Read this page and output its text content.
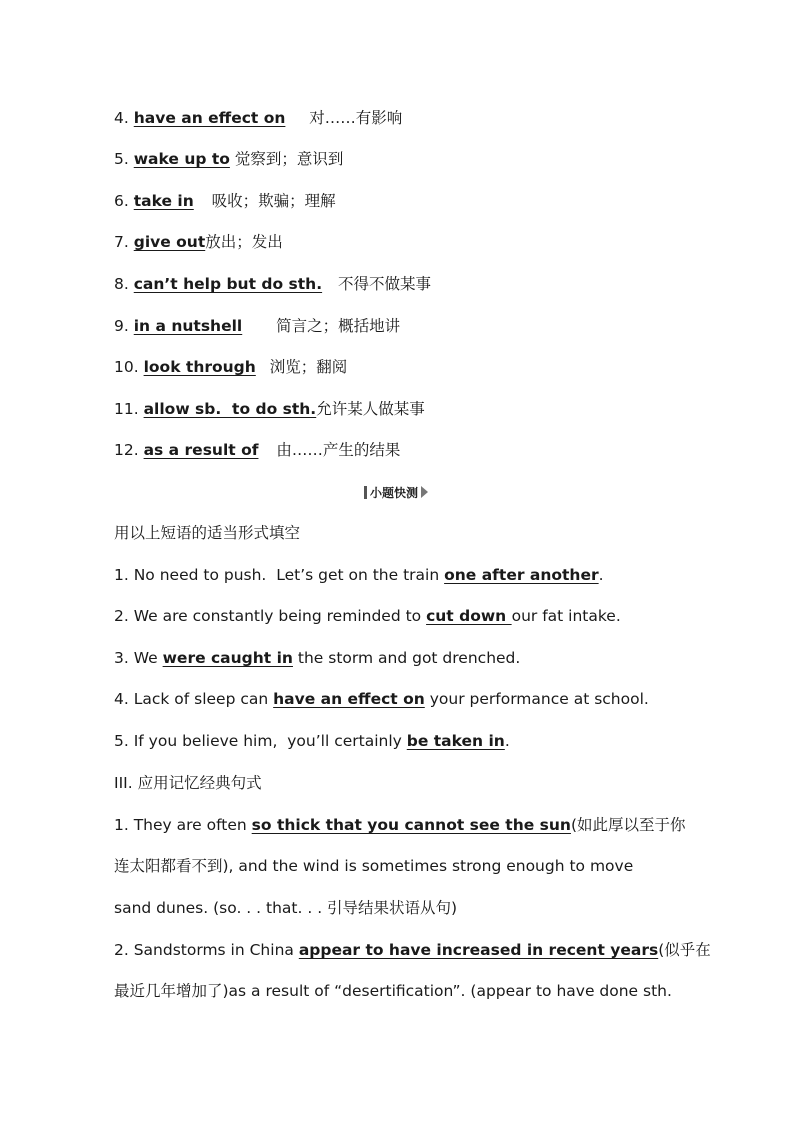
4. have an effect on 对……有影响
5. wake up to 觉察到；意识到
6. take in 吸收；欺骗；理解
7. give out放出；发出
8. can’t help but do sth. 不得不做某事
9. in a nutshell 简言之；概括地讲
10. look through 浏览；翻阅
11. allow sb.  to do sth.允许某人做某事
12. as a result of 由……产生的结果
小题快测
用以上短语的适当形式填空
1. No need to push.  Let’s get on the train one after another.
2. We are constantly being reminded to cut down our fat intake.
3. We were caught in the storm and got drenched.
4. Lack of sleep can have an effect on your performance at school.
5. If you believe him,  you’ll certainly be taken in.
III. 应用记忆经典句式
1. They are often so thick that you cannot see the sun(如此厚以至于你
连太阳都看不到), and the wind is sometimes strong enough to move
sand dunes. (so. . . that. . . 引导结果状语从句)
2. Sandstorms in China appear to have increased in recent years(似乎在
最近几年增加了)as a result of “desertification”. (appear to have done sth.
